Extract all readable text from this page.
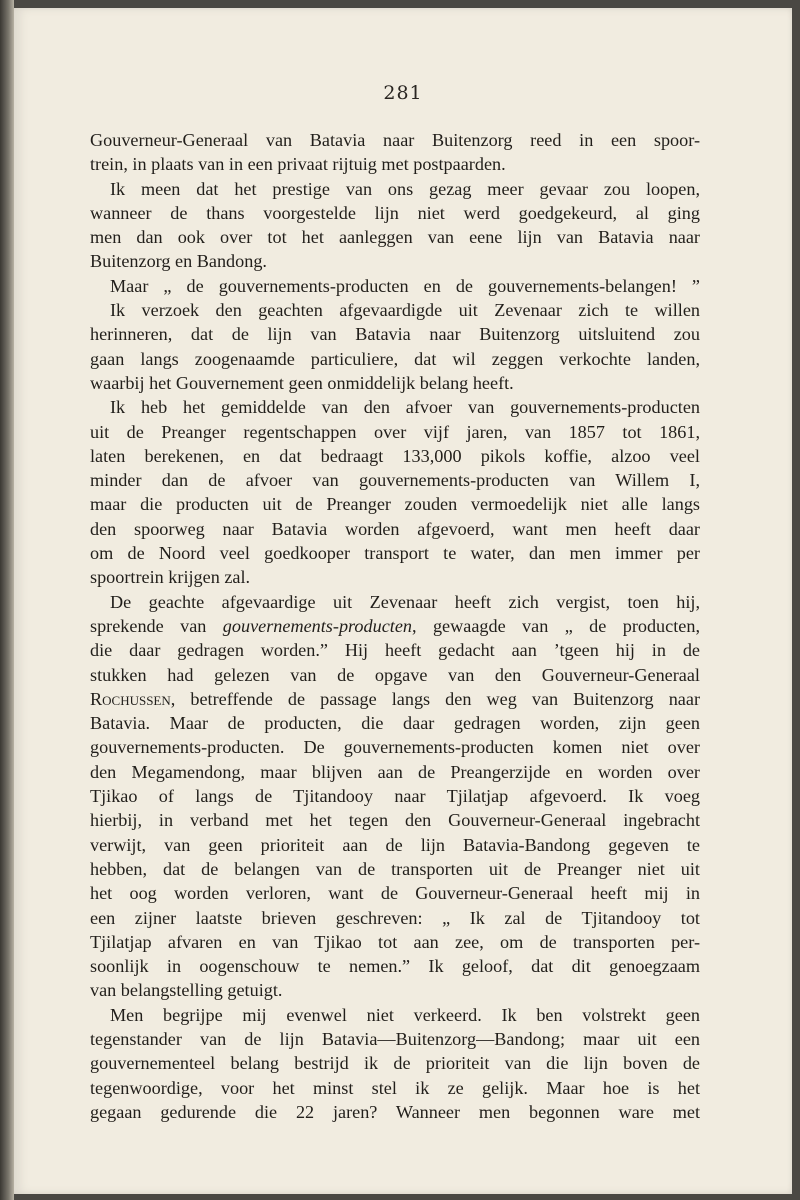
281
Gouverneur-Generaal van Batavia naar Buitenzorg reed in een spoor-
trein, in plaats van in een privaat rijtuig met postpaarden.
Ik meen dat het prestige van ons gezag meer gevaar zou loopen,
wanneer de thans voorgestelde lijn niet werd goedgekeurd, al ging
men dan ook over tot het aanleggen van eene lijn van Batavia naar
Buitenzorg en Bandong.
Maar „ de gouvernements-producten en de gouvernements-belangen! ”
Ik verzoek den geachten afgevaardigde uit Zevenaar zich te willen
herinneren, dat de lijn van Batavia naar Buitenzorg uitsluitend zou
gaan langs zoogenaamde particuliere, dat wil zeggen verkochte landen,
waarbij het Gouvernement geen onmiddelijk belang heeft.
Ik heb het gemiddelde van den afvoer van gouvernements-producten
uit de Preanger regentschappen over vijf jaren, van 1857 tot 1861,
laten berekenen, en dat bedraagt 133,000 pikols koffie, alzoo veel
minder dan de afvoer van gouvernements-producten van Willem I,
maar die producten uit de Preanger zouden vermoedelijk niet alle langs
den spoorweg naar Batavia worden afgevoerd, want men heeft daar
om de Noord veel goedkooper transport te water, dan men immer per
spoortrein krijgen zal.
De geachte afgevaardige uit Zevenaar heeft zich vergist, toen hij,
sprekende van gouvernements-producten, gewaagde van „ de producten,
die daar gedragen worden.” Hij heeft gedacht aan ’tgeen hij in de
stukken had gelezen van de opgave van den Gouverneur-Generaal
Rochussen, betreffende de passage langs den weg van Buitenzorg naar
Batavia. Maar de producten, die daar gedragen worden, zijn geen
gouvernements-producten. De gouvernements-producten komen niet over
den Megamendong, maar blijven aan de Preangerzijde en worden over
Tjikao of langs de Tjitandooy naar Tjilatjap afgevoerd. Ik voeg
hierbij, in verband met het tegen den Gouverneur-Generaal ingebracht
verwijt, van geen prioriteit aan de lijn Batavia-Bandong gegeven te
hebben, dat de belangen van de transporten uit de Preanger niet uit
het oog worden verloren, want de Gouverneur-Generaal heeft mij in
een zijner laatste brieven geschreven: „ Ik zal de Tjitandooy tot
Tjilatjap afvaren en van Tjikao tot aan zee, om de transporten per-
soonlijk in oogenschouw te nemen.” Ik geloof, dat dit genoegzaam
van belangstelling getuigt.
Men begrijpe mij evenwel niet verkeerd. Ik ben volstrekt geen
tegenstander van de lijn Batavia—Buitenzorg—Bandong; maar uit een
gouvernementeel belang bestrijd ik de prioriteit van die lijn boven de
tegenwoordige, voor het minst stel ik ze gelijk. Maar hoe is het
gegaan gedurende die 22 jaren? Wanneer men begonnen ware met
